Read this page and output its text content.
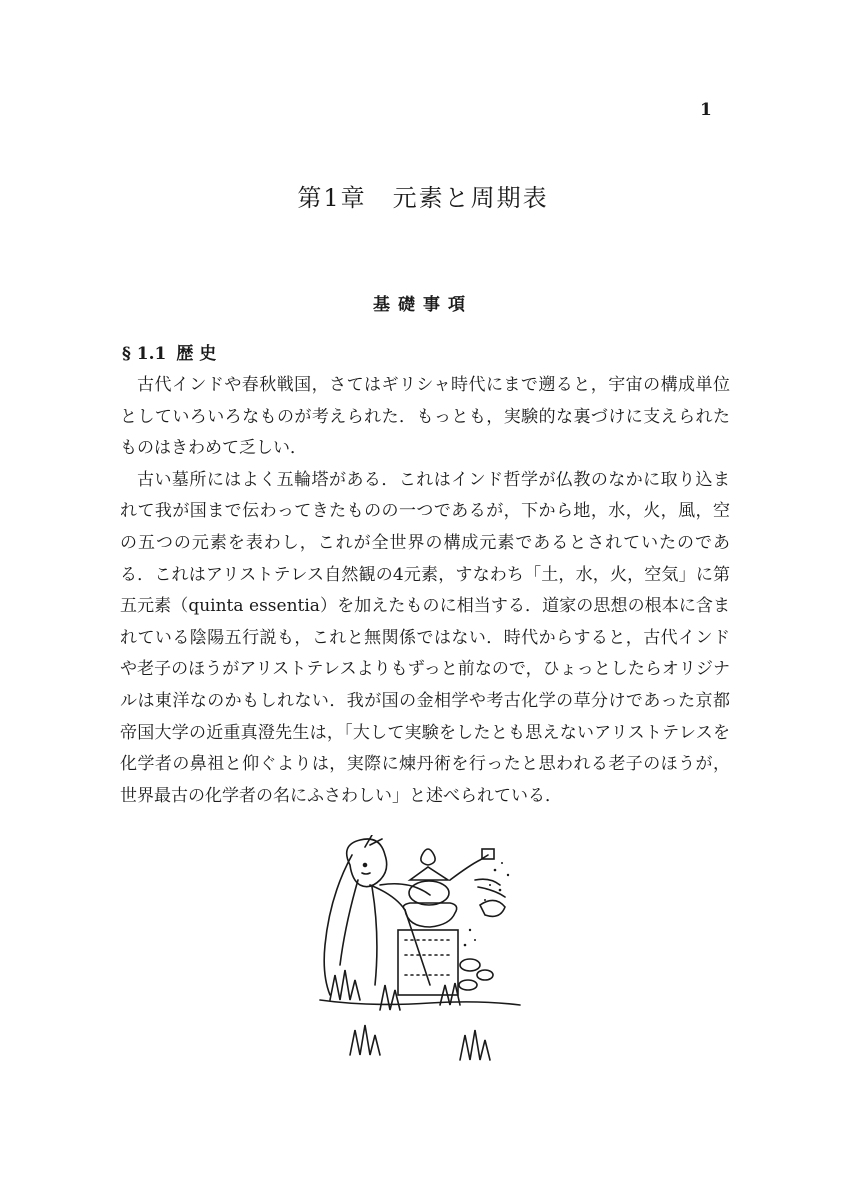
1
第1章　元素と周期表
基礎事項
§ 1.1 歴 史

古代インドや春秋戦国，さてはギリシャ時代にまで遡ると，宇宙の構成単位としていろいろなものが考えられた．もっとも，実験的な裏づけに支えられたものはきわめて乏しい．

古い墓所にはよく五輪塔がある．これはインド哲学が仏教のなかに取り込まれて我が国まで伝わってきたものの一つであるが，下から地，水，火，風，空の五つの元素を表わし，これが全世界の構成元素であるとされていたのである．これはアリストテレス自然観の4元素，すなわち「土，水，火，空気」に第五元素（quinta essentia）を加えたものに相当する．道家の思想の根本に含まれている陰陽五行説も，これと無関係ではない．時代からすると，古代インドや老子のほうがアリストテレスよりもずっと前なので，ひょっとしたらオリジナルは東洋なのかもしれない．我が国の金相学や考古化学の草分けであった京都帝国大学の近重真澄先生は，「大して実験をしたとも思えないアリストテレスを化学者の鼻祖と仰ぐよりは，実際に煉丹術を行ったと思われる老子のほうが，世界最古の化学者の名にふさわしい」と述べられている．
